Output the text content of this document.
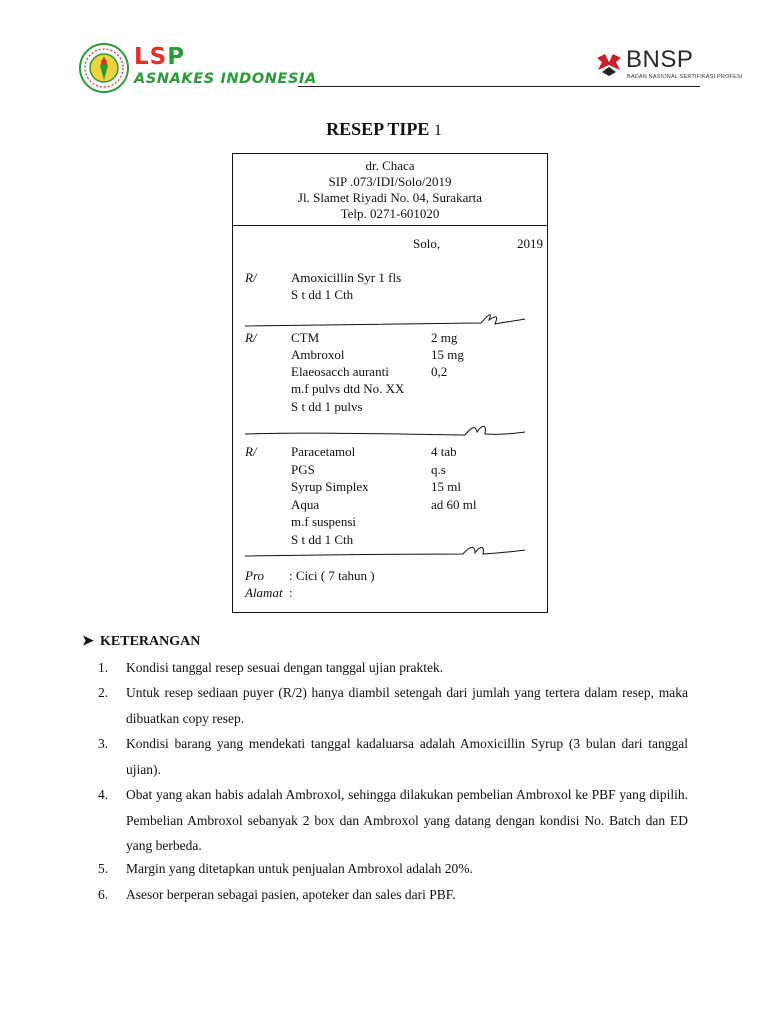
LSP
ASNAKES INDONESIA
BNSP
BADAN NASIONAL SERTIFIKASI PROFESI
RESEP TIPE 1
dr. Chaca
SIP .073/IDI/Solo/2019
Jl. Slamet Riyadi No. 04, Surakarta
Telp. 0271-601020
Solo,	2019
R/	Amoxicillin Syr 1 fls
S t dd 1 Cth
R/	CTM	2 mg
Ambroxol	15 mg
Elaeosacch auranti	0,2
m.f pulvs dtd No. XX
S t dd 1 pulvs
R/	Paracetamol	4 tab
PGS	q.s
Syrup Simplex	15 ml
Aqua	ad 60 ml
m.f suspensi
S t dd 1 Cth
Pro : Cici ( 7 tahun )
Alamat :
➤ KETERANGAN
1. Kondisi tanggal resep sesuai dengan tanggal ujian praktek.
2. Untuk resep sediaan puyer (R/2) hanya diambil setengah dari jumlah yang tertera dalam resep, maka dibuatkan copy resep.
3. Kondisi barang yang mendekati tanggal kadaluarsa adalah Amoxicillin Syrup (3 bulan dari tanggal ujian).
4. Obat yang akan habis adalah Ambroxol, sehingga dilakukan pembelian Ambroxol ke PBF yang dipilih. Pembelian Ambroxol sebanyak 2 box dan Ambroxol yang datang dengan kondisi No. Batch dan ED yang berbeda.
5. Margin yang ditetapkan untuk penjualan Ambroxol adalah 20%.
6. Asesor berperan sebagai pasien, apoteker dan sales dari PBF.
